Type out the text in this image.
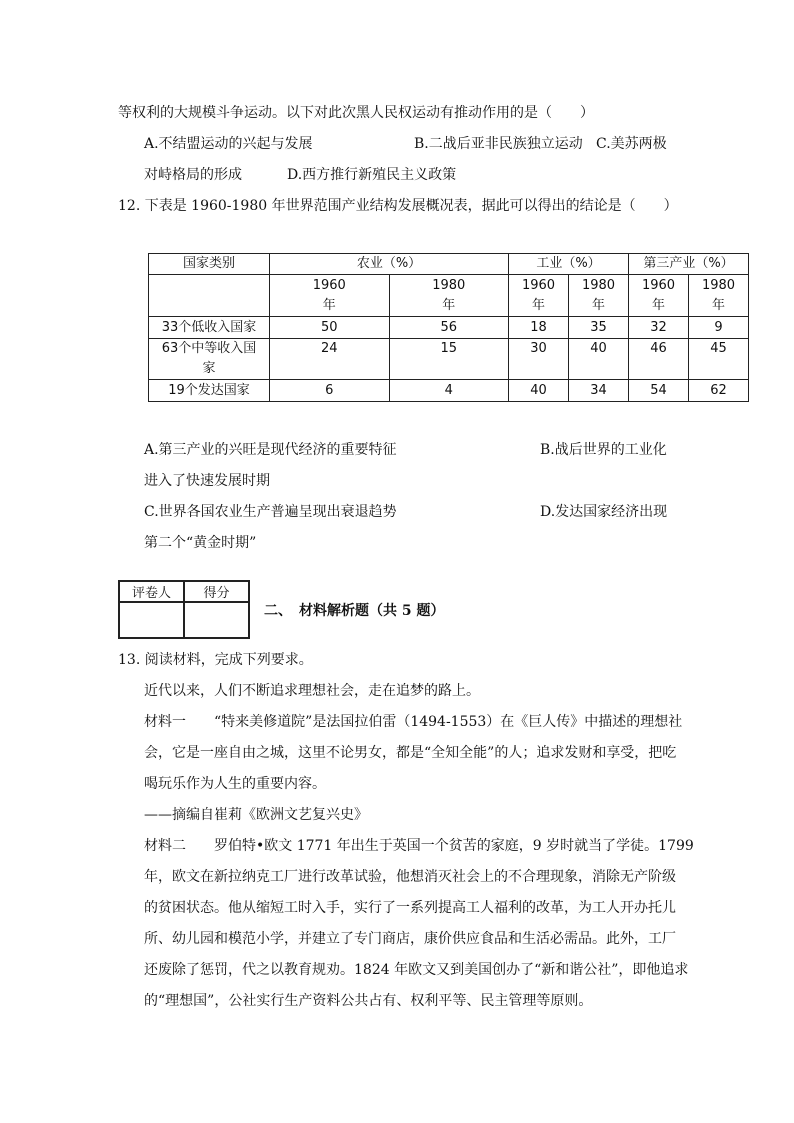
等权利的大规模斗争运动。以下对此次黑人民权运动有推动作用的是（　　）
A.不结盟运动的兴起与发展	B.二战后亚非民族独立运动 C.美苏两极
对峙格局的形成	D.西方推行新殖民主义政策
12. 下表是 1960-1980 年世界范围产业结构发展概况表，据此可以得出的结论是（　　）
国家类别	农业（%）		工业（%）		第三产业（%）	
	1960
年	1980
年	1960
年	1980
年	1960
年	1980
年
33个低收入国家	50	56	18	35	32	9
63个中等收入国
家	24	15	30	40	46	45
19个发达国家	6	4	40	34	54	62
A.第三产业的兴旺是现代经济的重要特征	B.战后世界的工业化
进入了快速发展时期
C.世界各国农业生产普遍呈现出衰退趋势	D.发达国家经济出现
第二个“黄金时期”
评卷人	得分

二、　材料解析题（共 5 题）
13. 阅读材料，完成下列要求。
近代以来，人们不断追求理想社会，走在追梦的路上。
材料一　　“特来美修道院”是法国拉伯雷（1494-1553）在《巨人传》中描述的理想社
会，它是一座自由之城，这里不论男女，都是“全知全能”的人；追求发财和享受，把吃
喝玩乐作为人生的重要内容。
——摘编自崔莉《欧洲文艺复兴史》
材料二　　罗伯特•欧文 1771 年出生于英国一个贫苦的家庭，9 岁时就当了学徒。1799
年，欧文在新拉纳克工厂进行改革试验，他想消灭社会上的不合理现象，消除无产阶级
的贫困状态。他从缩短工时入手，实行了一系列提高工人福利的改革，为工人开办托儿
所、幼儿园和模范小学，并建立了专门商店，康价供应食品和生活必需品。此外，工厂
还废除了惩罚，代之以教育规劝。1824 年欧文又到美国创办了“新和谐公社”，即他追求
的“理想国”，公社实行生产资料公共占有、权利平等、民主管理等原则。
